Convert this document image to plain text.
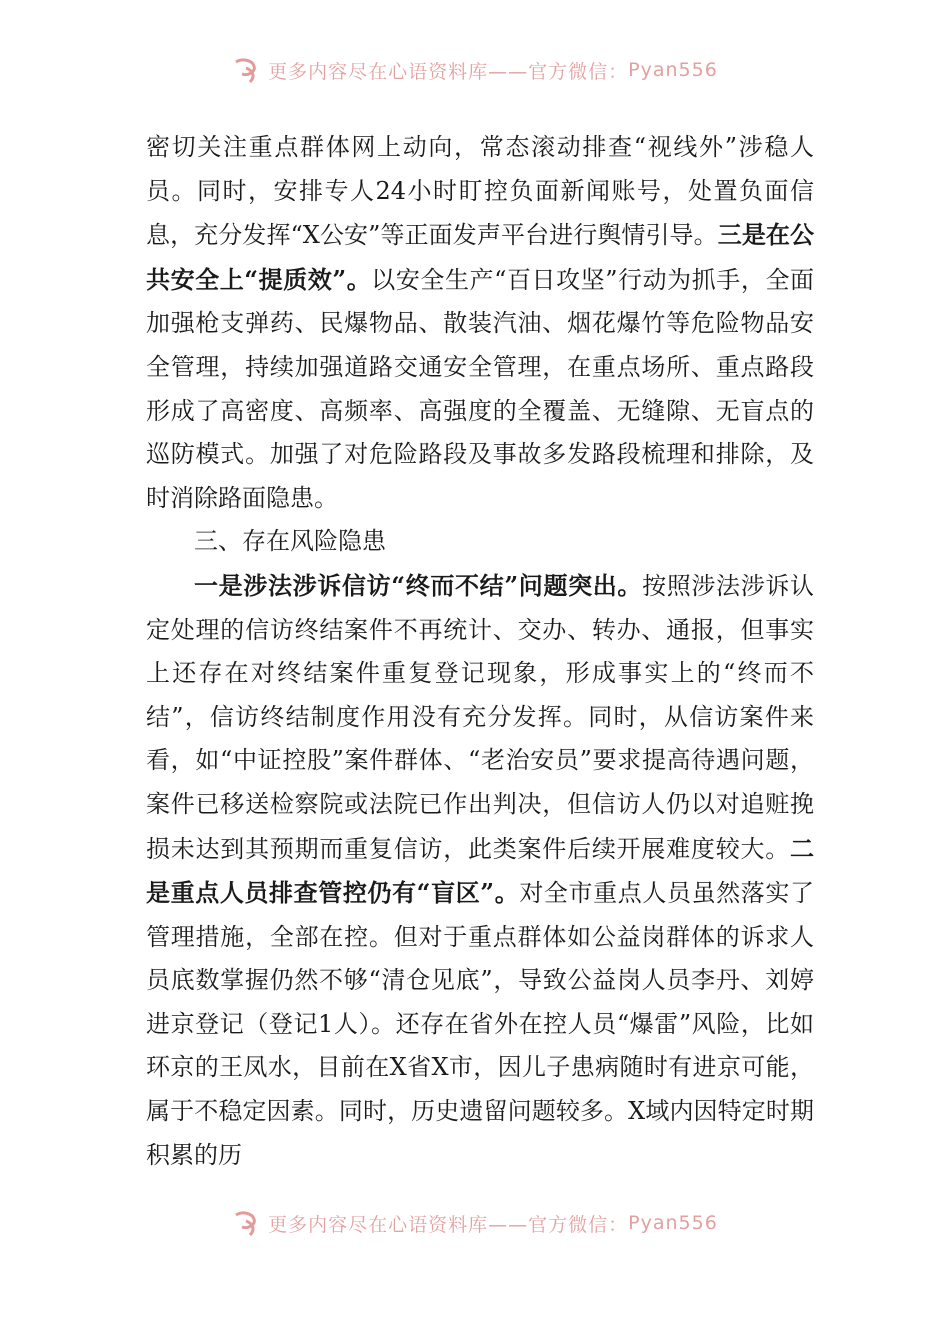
更多内容尽在心语资料库——官方微信： Pyan556

密切关注重点群体网上动向，常态滚动排查“视线外”涉稳人员。同时，安排专人24小时盯控负面新闻账号，处置负面信息，充分发挥“X公安”等正面发声平台进行舆情引导。三是在公共安全上“提质效”。以安全生产“百日攻坚”行动为抓手，全面加强枪支弹药、民爆物品、散装汽油、烟花爆竹等危险物品安全管理，持续加强道路交通安全管理，在重点场所、重点路段形成了高密度、高频率、高强度的全覆盖、无缝隙、无盲点的巡防模式。加强了对危险路段及事故多发路段梳理和排除，及时消除路面隐患。

三、存在风险隐患

一是涉法涉诉信访“终而不结”问题突出。按照涉法涉诉认定处理的信访终结案件不再统计、交办、转办、通报，但事实上还存在对终结案件重复登记现象，形成事实上的“终而不结”，信访终结制度作用没有充分发挥。同时，从信访案件来看，如“中证控股”案件群体、“老治安员”要求提高待遇问题，案件已移送检察院或法院已作出判决，但信访人仍以对追赃挽损未达到其预期而重复信访，此类案件后续开展难度较大。二是重点人员排查管控仍有“盲区”。对全市重点人员虽然落实了管理措施，全部在控。但对于重点群体如公益岗群体的诉求人员底数掌握仍然不够“清仓见底”，导致公益岗人员李丹、刘婷进京登记（登记1人）。还存在省外在控人员“爆雷”风险，比如环京的王凤水，目前在X省X市，因儿子患病随时有进京可能，属于不稳定因素。同时，历史遗留问题较多。X域内因特定时期积累的历

更多内容尽在心语资料库——官方微信： Pyan556
